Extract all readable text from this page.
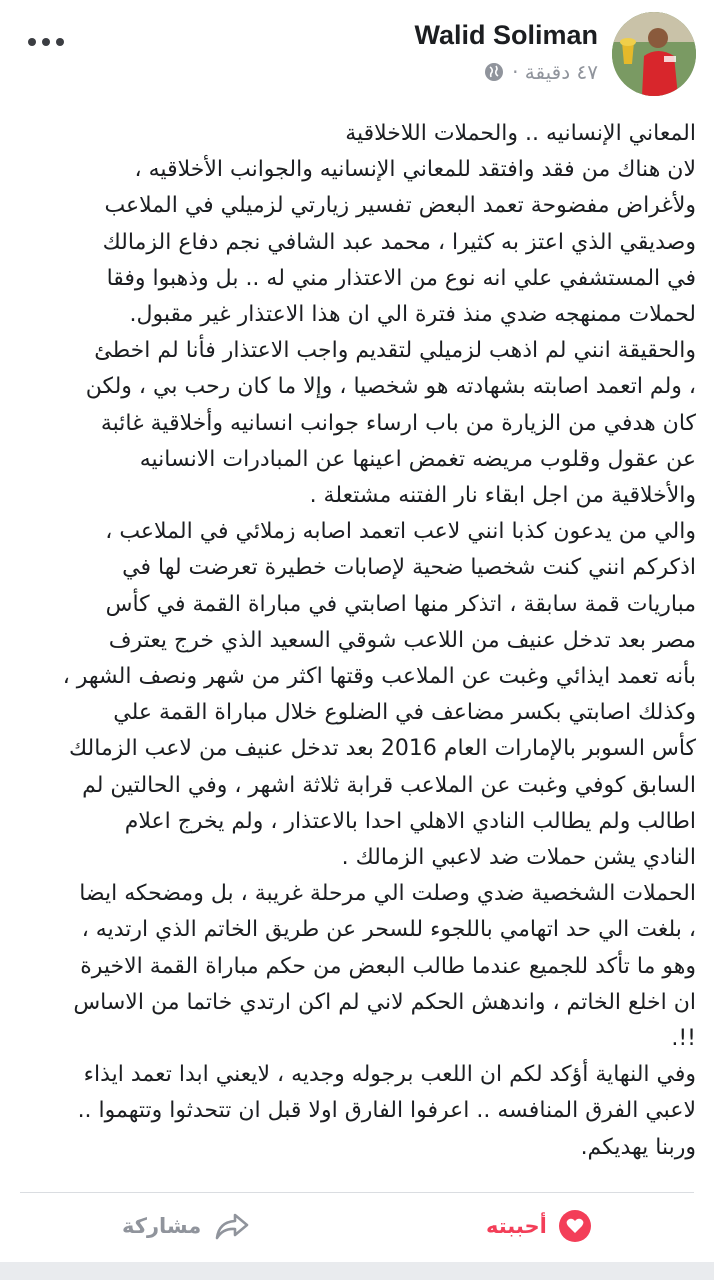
Walid Soliman
٤٧ دقيقة ·

المعاني الإنسانيه .. والحملات اللاخلاقية
لان هناك من فقد وافتقد للمعاني الإنسانيه والجوانب الأخلاقيه ،
ولأغراض مفضوحة تعمد البعض تفسير زيارتي لزميلي في الملاعب
وصديقي الذي اعتز به كثيرا ، محمد عبد الشافي نجم دفاع الزمالك
في المستشفي علي انه نوع من الاعتذار مني له .. بل وذهبوا وفقا
لحملات ممنهجه ضدي منذ فترة الي ان هذا الاعتذار غير مقبول.

والحقيقة انني لم اذهب لزميلي لتقديم واجب الاعتذار فأنا لم اخطئ
، ولم اتعمد اصابته بشهادته هو شخصيا ، وإلا ما كان رحب بي ، ولكن
كان هدفي من الزيارة من باب ارساء جوانب انسانيه وأخلاقية غائبة
عن عقول وقلوب مريضه تغمض اعينها عن المبادرات الانسانيه
والأخلاقية من اجل ابقاء نار الفتنه مشتعلة .

والي من يدعون كذبا انني لاعب اتعمد اصابه زملائي في الملاعب ،
اذكركم انني كنت شخصيا ضحية لإصابات خطيرة تعرضت لها في
مباريات قمة سابقة ، اتذكر منها اصابتي في مباراة القمة في كأس
مصر بعد تدخل عنيف من اللاعب شوقي السعيد الذي خرج يعترف
بأنه تعمد ايذائي وغبت عن الملاعب وقتها اكثر من شهر ونصف الشهر ،
وكذلك اصابتي بكسر مضاعف في الضلوع خلال مباراة القمة علي
كأس السوبر بالإمارات العام 2016 بعد تدخل عنيف من لاعب الزمالك
السابق كوفي وغبت عن الملاعب قرابة ثلاثة اشهر ، وفي الحالتين لم
اطالب ولم يطالب النادي الاهلي احدا بالاعتذار ، ولم يخرج اعلام
النادي يشن حملات ضد لاعبي الزمالك .

الحملات الشخصية ضدي وصلت الي مرحلة غريبة ، بل ومضحكه ايضا
، بلغت الي حد اتهامي باللجوء للسحر عن طريق الخاتم الذي ارتديه ،
وهو ما تأكد للجميع عندما طالب البعض من حكم مباراة القمة الاخيرة
ان اخلع الخاتم ، واندهش الحكم لاني لم اكن ارتدي خاتما من الاساس
!!.

وفي النهاية أؤكد لكم ان اللعب برجوله وجديه ، لايعني ابدا تعمد ايذاء
لاعبي الفرق المنافسه .. اعرفوا الفارق اولا قبل ان تتحدثوا وتتهموا ..
وربنا يهديكم.

أحببته
مشاركة
